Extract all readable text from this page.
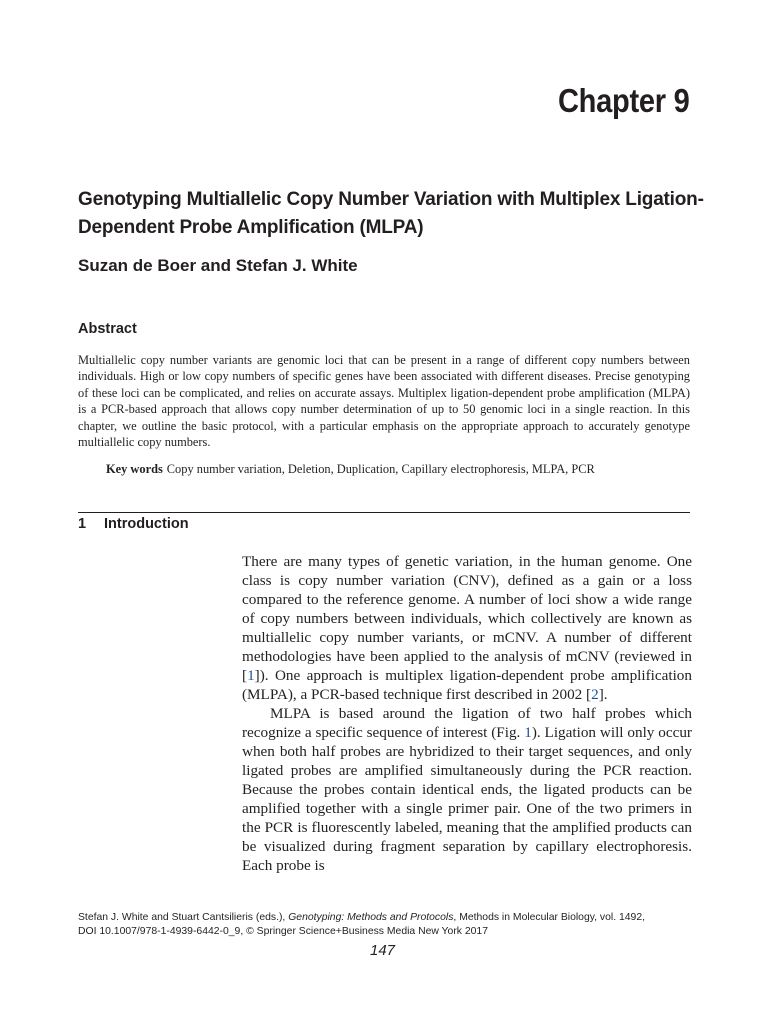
Chapter 9
Genotyping Multiallelic Copy Number Variation with Multiplex Ligation-Dependent Probe Amplification (MLPA)

Suzan de Boer and Stefan J. White

Abstract

Multiallelic copy number variants are genomic loci that can be present in a range of different copy numbers between individuals. High or low copy numbers of specific genes have been associated with different diseases. Precise genotyping of these loci can be complicated, and relies on accurate assays. Multiplex ligation-dependent probe amplification (MLPA) is a PCR-based approach that allows copy number determination of up to 50 genomic loci in a single reaction. In this chapter, we outline the basic protocol, with a particular emphasis on the appropriate approach to accurately genotype multiallelic copy numbers.

Key words Copy number variation, Deletion, Duplication, Capillary electrophoresis, MLPA, PCR

1 Introduction

There are many types of genetic variation, in the human genome. One class is copy number variation (CNV), defined as a gain or a loss compared to the reference genome. A number of loci show a wide range of copy numbers between individuals, which collectively are known as multiallelic copy number variants, or mCNV. A number of different methodologies have been applied to the analysis of mCNV (reviewed in [1]). One approach is multiplex ligation-dependent probe amplification (MLPA), a PCR-based technique first described in 2002 [2].

MLPA is based around the ligation of two half probes which recognize a specific sequence of interest (Fig. 1). Ligation will only occur when both half probes are hybridized to their target sequences, and only ligated probes are amplified simultaneously during the PCR reaction. Because the probes contain identical ends, the ligated products can be amplified together with a single primer pair. One of the two primers in the PCR is fluorescently labeled, meaning that the amplified products can be visualized during fragment separation by capillary electrophoresis. Each probe is

Stefan J. White and Stuart Cantsilieris (eds.), Genotyping: Methods and Protocols, Methods in Molecular Biology, vol. 1492,
DOI 10.1007/978-1-4939-6442-0_9, © Springer Science+Business Media New York 2017

147
